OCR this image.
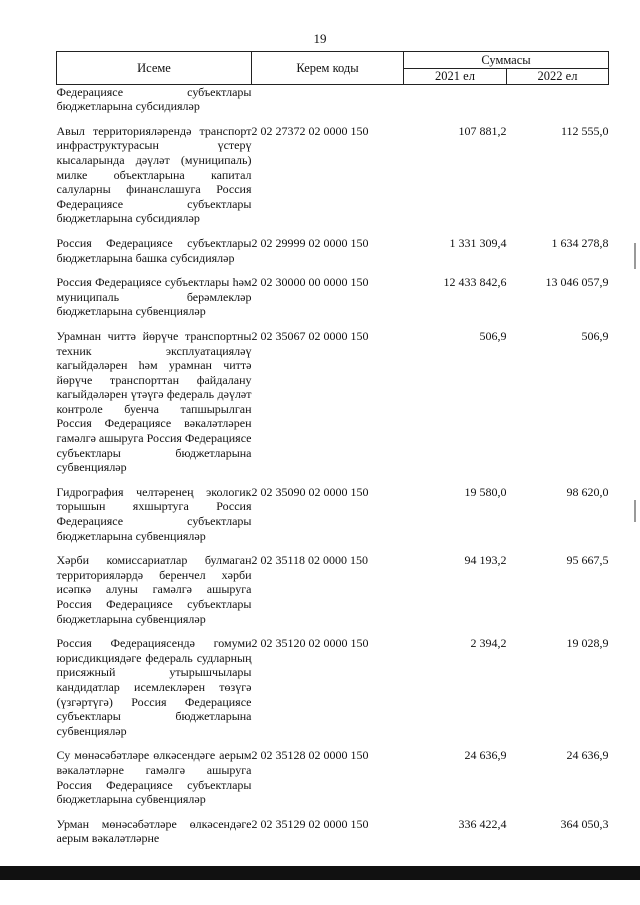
19
Исеме	Керем коды	Суммасы	
		2021 ел	2022 ел
Федерациясе субъектлары бюджетларына субсидияләр			
Авыл территорияләрендә транспорт инфраструктурасын үстерү кысаларында дәүләт (муниципаль) милке объектларына капитал салуларны финанслашуга Россия Федерациясе субъектлары бюджетларына субсидияләр	2 02 27372 02 0000 150	107 881,2	112 555,0
Россия Федерациясе субъектлары бюджетларына башка субсидияләр	2 02 29999 02 0000 150	1 331 309,4	1 634 278,8
Россия Федерациясе субъектлары һәм муниципаль берәмлекләр бюджетларына субвенцияләр	2 02 30000 00 0000 150	12 433 842,6	13 046 057,9
Урамнан читтә йөрүче транспортны техник эксплуатацияләү кагыйдәләрен һәм урамнан читтә йөрүче транспорттан файдалану кагыйдәләрен үтәүгә федераль дәүләт контроле буенча тапшырылган Россия Федерациясе вәкаләтләрен гамәлгә ашыруга Россия Федерациясе субъектлары бюджетларына субвенцияләр	2 02 35067 02 0000 150	506,9	506,9
Гидрография челтәренең экологик торышын яхшыртуга Россия Федерациясе субъектлары бюджетларына субвенцияләр	2 02 35090 02 0000 150	19 580,0	98 620,0
Хәрби комиссариатлар булмаган территорияләрдә беренчел хәрби исәпкә алуны гамәлгә ашыруга Россия Федерациясе субъектлары бюджетларына субвенцияләр	2 02 35118 02 0000 150	94 193,2	95 667,5
Россия Федерациясендә гомуми юрисдикциядәге федераль судларның присяжный утырышчылары кандидатлар исемлекләрен төзүгә (үзгәртүгә) Россия Федерациясе субъектлары бюджетларына субвенцияләр	2 02 35120 02 0000 150	2 394,2	19 028,9
Су мөнәсәбәтләре өлкәсендәге аерым вәкаләтләрне гамәлгә ашыруга Россия Федерациясе субъектлары бюджетларына субвенцияләр	2 02 35128 02 0000 150	24 636,9	24 636,9
Урман мөнәсәбәтләре өлкәсендәге аерым вәкаләтләрне	2 02 35129 02 0000 150	336 422,4	364 050,3
